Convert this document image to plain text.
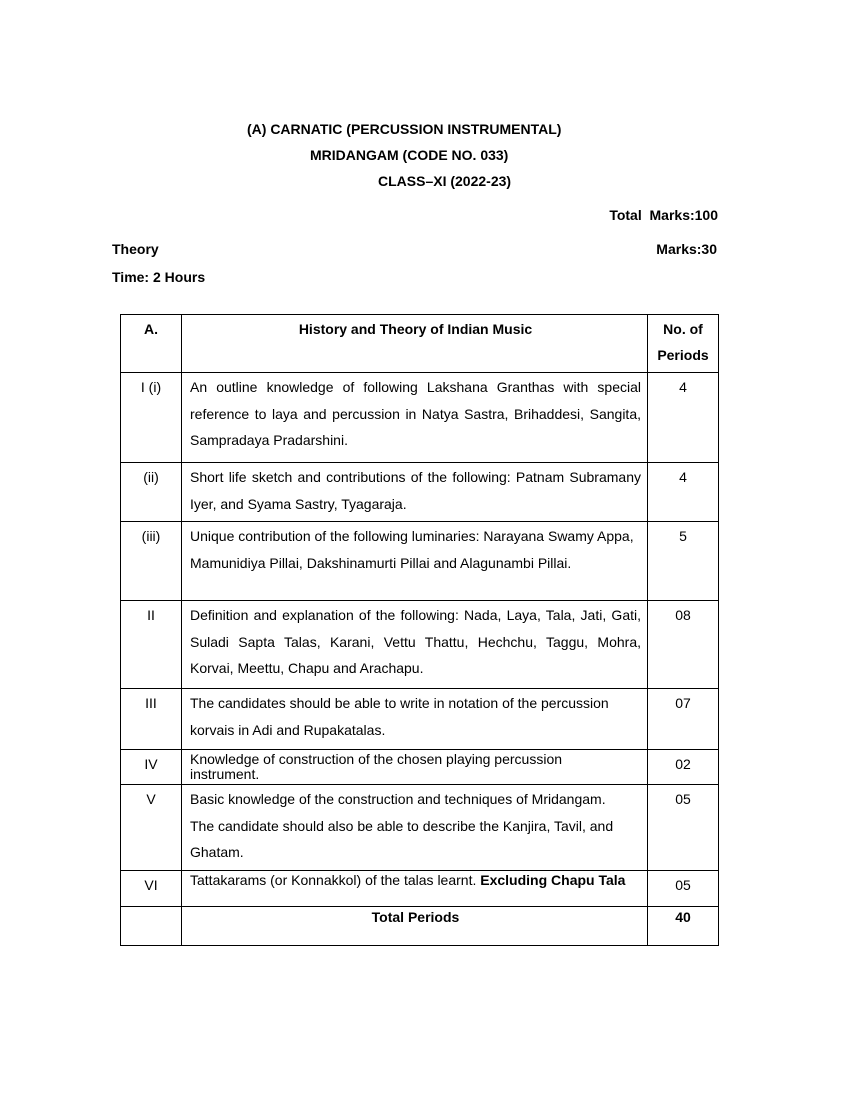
(A) CARNATIC (PERCUSSION INSTRUMENTAL)
MRIDANGAM (CODE NO. 033)
CLASS–XI (2022-23)
Total  Marks:100
Theory	Marks:30
Time: 2 Hours
A.	History and Theory of Indian Music	No. of
Periods

I (i)	An outline knowledge of following Lakshana Granthas with special reference to laya and percussion in Natya Sastra, Brihaddesi, Sangita, Sampradaya Pradarshini.	4
(ii)	Short life sketch and contributions of the following: Patnam Subramany Iyer, and Syama Sastry, Tyagaraja.	4
(iii)	Unique contribution of the following luminaries: Narayana Swamy Appa, Mamunidiya Pillai, Dakshinamurti Pillai and Alagunambi Pillai.	5
II	Definition and explanation of the following: Nada, Laya, Tala, Jati, Gati, Suladi Sapta Talas, Karani, Vettu Thattu, Hechchu, Taggu, Mohra, Korvai, Meettu, Chapu and Arachapu.	08
III	The candidates should be able to write in notation of the percussion korvais in Adi and Rupakatalas.	07
IV	Knowledge of construction of the chosen playing percussion instrument.	02
V	Basic knowledge of the construction and techniques of Mridangam. The candidate should also be able to describe the Kanjira, Tavil, and Ghatam.	05
VI	Tattakarams (or Konnakkol) of the talas learnt. Excluding Chapu Tala	05
	Total Periods	40
